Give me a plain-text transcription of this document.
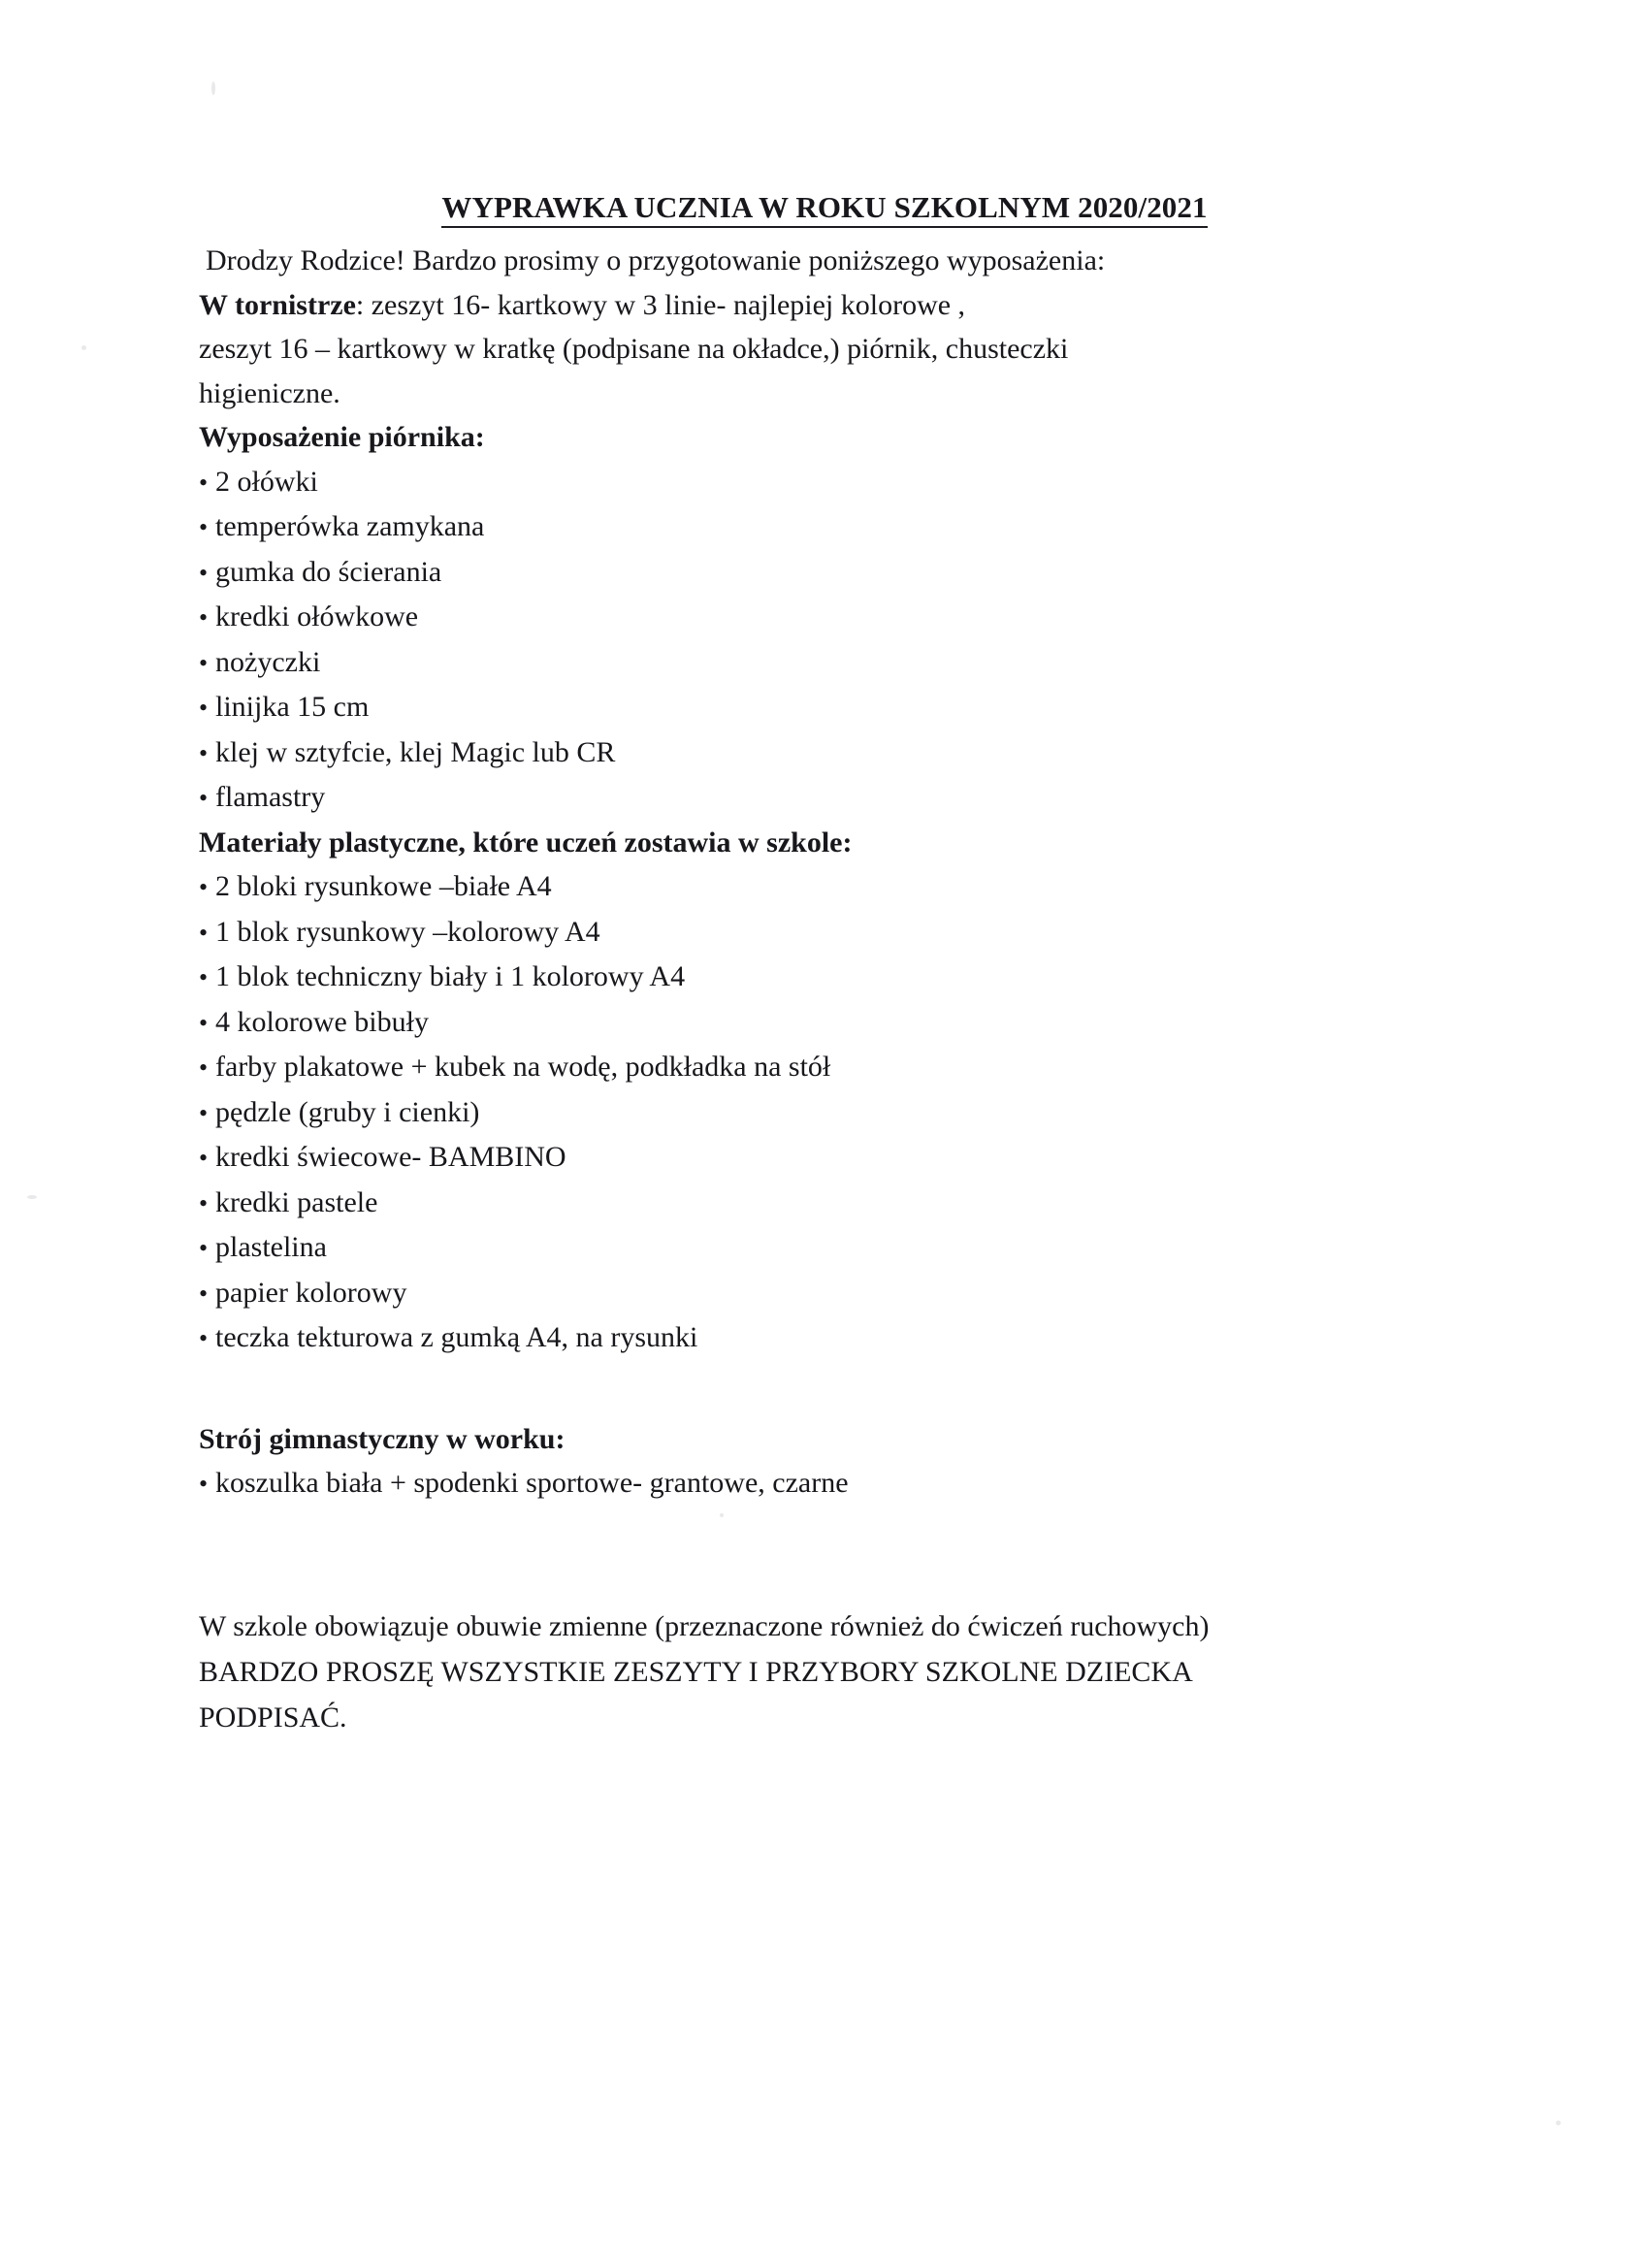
WYPRAWKA UCZNIA W ROKU SZKOLNYM 2020/2021
Drodzy Rodzice! Bardzo prosimy o przygotowanie poniższego wyposażenia:
W tornistrze: zeszyt 16- kartkowy w 3 linie- najlepiej kolorowe ,
zeszyt 16 – kartkowy w kratkę (podpisane na okładce,) piórnik, chusteczki
higieniczne.
Wyposażenie piórnika:
• 2 ołówki
• temperówka zamykana
• gumka do ścierania
• kredki ołówkowe
• nożyczki
• linijka 15 cm
• klej w sztyfcie, klej Magic lub CR
• flamastry
Materiały plastyczne, które uczeń zostawia w szkole:
• 2 bloki rysunkowe –białe A4
• 1 blok rysunkowy –kolorowy A4
• 1 blok techniczny biały i 1 kolorowy A4
• 4 kolorowe bibuły
• farby plakatowe + kubek na wodę, podkładka na stół
• pędzle (gruby i cienki)
• kredki świecowe- BAMBINO
• kredki pastele
• plastelina
• papier kolorowy
• teczka tekturowa z gumką A4, na rysunki
Strój gimnastyczny w worku:
• koszulka biała + spodenki sportowe- grantowe, czarne
W szkole obowiązuje obuwie zmienne (przeznaczone również do ćwiczeń ruchowych)
BARDZO PROSZĘ WSZYSTKIE ZESZYTY I PRZYBORY SZKOLNE DZIECKA
PODPISAĆ.
